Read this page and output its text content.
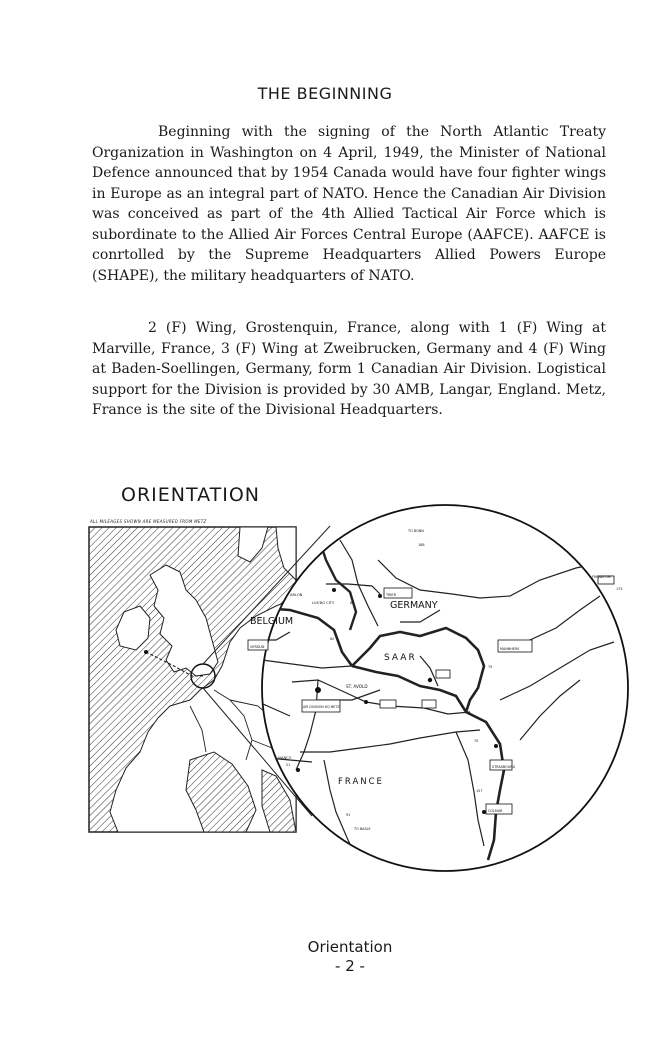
THE BEGINNING

Beginning with the signing of the North Atlantic Treaty Organization in Washington on 4 April, 1949, the Minister of National Defence announced that by 1954 Canada would have four fighter wings in Europe as an integral part of NATO. Hence the Canadian Air Division was conceived as part of the 4th Allied Tactical Air Force which is subordinate to the Allied Air Forces Central Europe (AAFCE). AAFCE is conrtolled by the Supreme Headquarters Allied Powers Europe (SHAPE), the military headquarters of NATO.

2 (F) Wing, Grostenquin, France, along with 1 (F) Wing at Marville, France, 3 (F) Wing at Zweibrucken, Germany and 4 (F) Wing at Baden-Soellingen, Germany, form 1 Canadian Air Division. Logistical support for the Division is provided by 30 AMB, Langar, England. Metz, France is the site of the Divisional Headquarters.

ORIENTATION
ALL MILEAGES SHOWN ARE MEASURED FROM METZ
GERMANY
BELGIUM
SAAR
FRANCE
LUX'BG CITY
ARLON
ST. AVOLD
NANCY
AIR DIVISION HQ METZ
TO BONN
TO BASLE
TRIER
FRANKFURT
MANNHEIM
STRASBOURG
COLMAR
VERDUN
188
67
175
75
157
70
91
21
62
Orientation
- 2 -
